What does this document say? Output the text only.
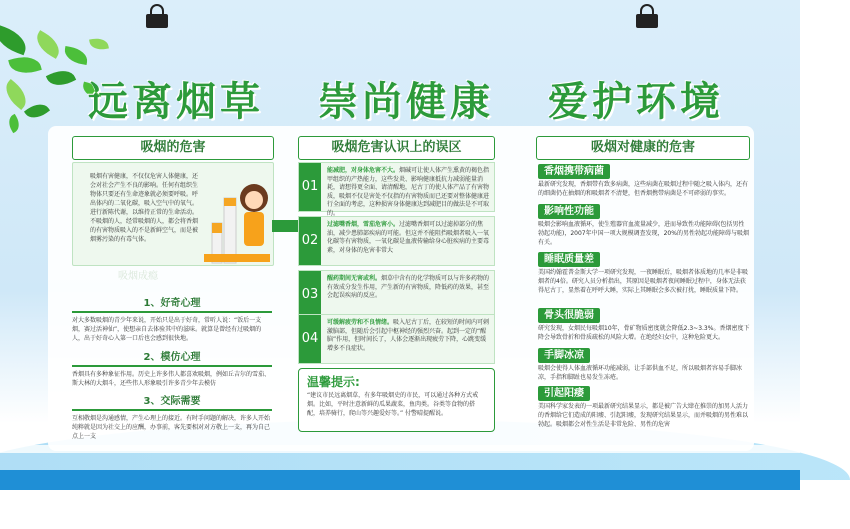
远离烟草 崇尚健康 爱护环境
吸烟的危害
吸烟有害健康，不仅仅危害人体健康，还会对社会产生不良的影响。任何有组织生物体只要还有生命迹象就必须要呼吸。呼出体内的二氧化碳，吸入空气中的氧气。进行新陈代谢，以维持正常的生命活动。不吸烟的人，经常吸烟的人，都会将香烟的有害物质吸入的不是新鲜空气，而是被烟雾污染的有毒气体。
吸烟成瘾
1、好奇心理
对大多数吸烟的青少年来说，开始只是出于好奇，常听人说：“饭后一支烟，赛过活神仙”，使想亲自去体验其中的滋味。就算是曾经有过吸烟的人，出于好奇心入第一口后也会感到很快地。
2、模仿心理
香烟具有多种象征作用。历史上许多伟人都喜欢吸烟，例如丘吉尔的雪茄、斯大林的大烟斗，还些伟人形象吸引许多青少年去模仿
3、交际需要
互相敬烟是沟通感情，产生心理上的接近。有时手问题的解决，许多人开始纯粹就是因为社交上的应酬，办事前，客先要相对对方敬上一支，再为自己点上一支
吸烟危害认识上的误区
01
能减肥，对身体危害不大。烟碱可让使人体产生熏黄的褐色指甲组织的产热能力，这些发炎、影响健康抵抗力减弱能量消耗，请想得更全面、请清醒地，尼古丁的使人体产品了有害物质，吸烟不仅是害处不仅指的有害物质而已还要对整体健康进行全面的考虑，这种损害身体健康达到减肥目的做法是不可取的。
02
过滤嘴香烟，雪茄危害小。过滤嘴香烟可以过滤掉部分的焦油，减少患肺部疾病的可能。但这并不能阻挡吸烟者吸入一氧化碳等有害物质，一氧化碳是血液传输给身心脏疾病的主要毒素，对身体的危害非常大
03
醒药期间无害或利。烟草中含有的化学物质可以与许多药物的有效成分发生作用，产生新的有害物质，降低药的效果，甚至会起误疾病的反应。
04
可缓解疲劳和不良情绪。吸入尼古丁后，在较短的时间内可刺激脑部，但随后会引起中枢神经的强烈兴奋。起到一定的“醒脑”作用，但时间长了，人体会逐渐出现疲劳下降，心跳变缓增多不良症状。
温馨提示:
“建议市民远离烟草，有多年吸烟史的市民，可以通过各种方式戒烟。比如，平时注意新鲜的瓜果蔬菜，鱼肉类。谷类等食物的搭配，培养骑行，爬山等兴趣爱好等。” 付警晴提醒说。
吸烟对健康的危害
香烟携带病菌
最新研究发现，香烟带有致多病菌，这些病菌在吸烟过程中随之吸入体内，还有的细菌仍在抽烟的和吸烟者不清楚，但香烟携带病菌是不可碎弱的事实。
影响性功能
吸烟会影响血液循环，使生殖器官血流量减少，进而导致性功能障碍(包括男性勃起功能)，2007年中国一项大规模调查发现，20%的男性勃起功能障碍与吸烟有关。
睡眠质量差
美国约翰霍普金斯大学一项研究发现，一夜睡眠后，吸烟者体质地的几率是非吸烟者的4倍。研究人员分析指出，其原因是吸烟者夜间睡眠过程中，身体无法获得尼古丁，显然着在呼呼大睡，实际上其睡眠会多次被打扰，睡眠质量下降。
骨头很脆弱
研究发现，女烟民每吸烟10年，骨矿物质密度就会降低2.3~3.3%。香烟密度下降会导致骨折和骨质疏松的风险大增。在绝经妇女中，这种危险更大。
手脚冰凉
吸烟会使得人体血液循环功能减弱，让手部供血不足，所以吸烟者容易手脚冰凉，手指和脚趾也易发生冻疮。
引起阳痿
美国科学家发表的一项最新研究结果显示，都是被广告大肆在推崇的加男人活力的香烟给它们造成的阳痿、引起阳痿，发现研究结果显示，而并吸烟的男性难以勃起。吸烟都会对性生活是非常危险、男性的危害
